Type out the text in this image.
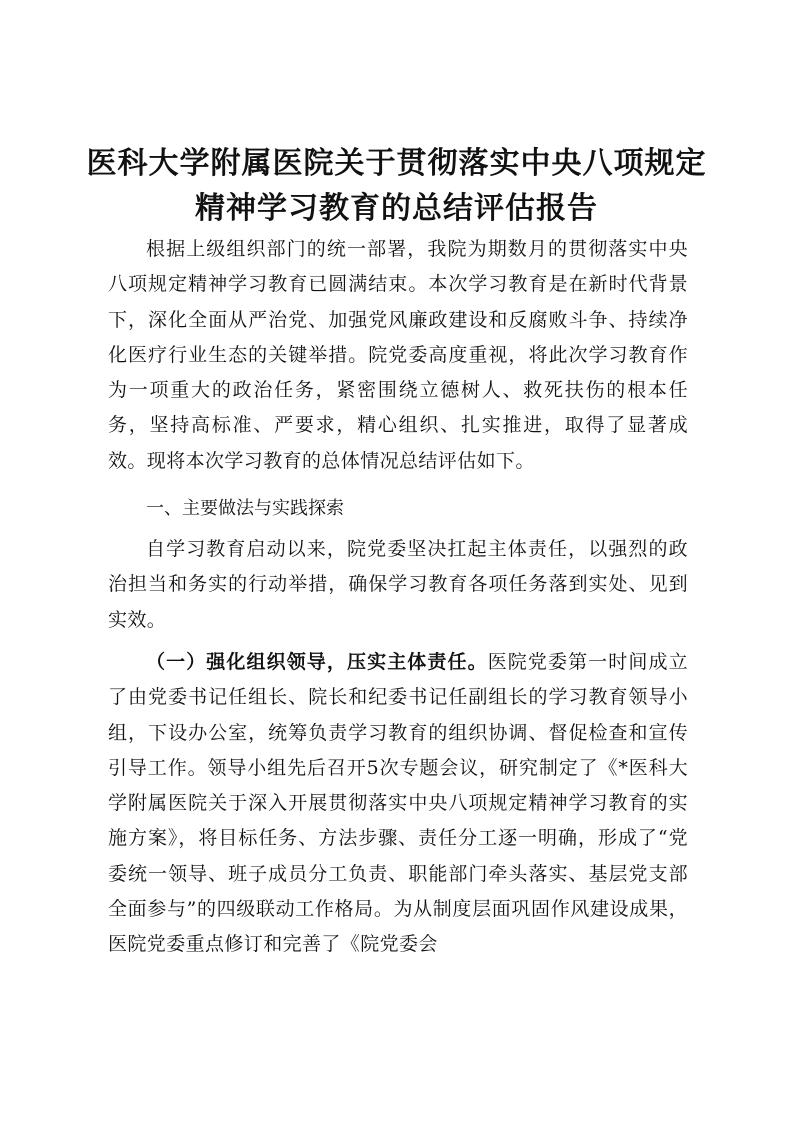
医科大学附属医院关于贯彻落实中央八项规定
精神学习教育的总结评估报告
根据上级组织部门的统一部署，我院为期数月的贯彻落实中央八项规定精神学习教育已圆满结束。本次学习教育是在新时代背景下，深化全面从严治党、加强党风廉政建设和反腐败斗争、持续净化医疗行业生态的关键举措。院党委高度重视，将此次学习教育作为一项重大的政治任务，紧密围绕立德树人、救死扶伤的根本任务，坚持高标准、严要求，精心组织、扎实推进，取得了显著成效。现将本次学习教育的总体情况总结评估如下。
一、主要做法与实践探索
自学习教育启动以来，院党委坚决扛起主体责任，以强烈的政治担当和务实的行动举措，确保学习教育各项任务落到实处、见到实效。
（一）强化组织领导，压实主体责任。医院党委第一时间成立了由党委书记任组长、院长和纪委书记任副组长的学习教育领导小组，下设办公室，统筹负责学习教育的组织协调、督促检查和宣传引导工作。领导小组先后召开5次专题会议，研究制定了《*医科大学附属医院关于深入开展贯彻落实中央八项规定精神学习教育的实施方案》，将目标任务、方法步骤、责任分工逐一明确，形成了“党委统一领导、班子成员分工负责、职能部门牵头落实、基层党支部全面参与”的四级联动工作格局。为从制度层面巩固作风建设成果，医院党委重点修订和完善了《院党委会
